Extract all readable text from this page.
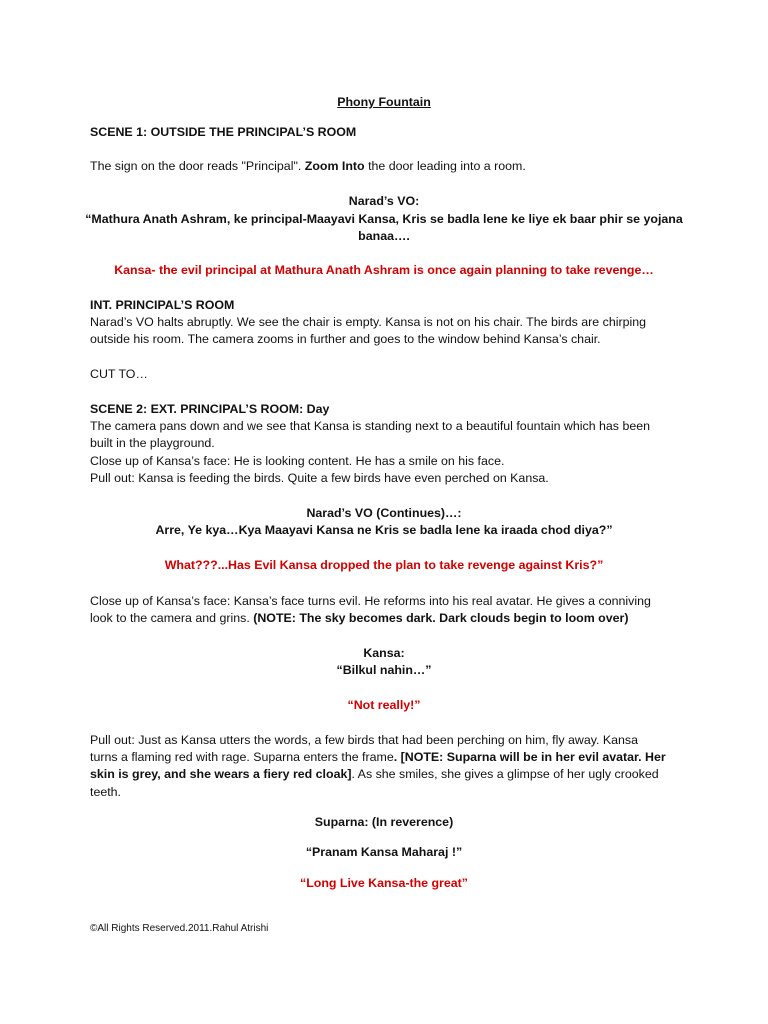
Phony Fountain
SCENE 1: OUTSIDE THE PRINCIPAL’S ROOM
The sign on the door reads "Principal". Zoom Into the door leading into a room.
Narad’s VO:
“Mathura Anath Ashram, ke principal-Maayavi Kansa, Kris se badla lene ke liye ek baar phir se yojana
banaa….
Kansa- the evil principal at Mathura Anath Ashram is once again planning to take revenge…
INT. PRINCIPAL’S ROOM
Narad’s VO halts abruptly. We see the chair is empty. Kansa is not on his chair. The birds are chirping
outside his room. The camera zooms in further and goes to the window behind Kansa’s chair.
CUT TO…
SCENE 2: EXT. PRINCIPAL’S ROOM: Day
The camera pans down and we see that Kansa is standing next to a beautiful fountain which has been
built in the playground.
Close up of Kansa’s face: He is looking content. He has a smile on his face.
Pull out: Kansa is feeding the birds. Quite a few birds have even perched on Kansa.
Narad’s VO (Continues)…:
Arre, Ye kya…Kya Maayavi Kansa ne Kris se badla lene ka iraada chod diya?”
What???...Has Evil Kansa dropped the plan to take revenge against Kris?”
Close up of Kansa’s face: Kansa’s face turns evil. He reforms into his real avatar. He gives a conniving
look to the camera and grins. (NOTE: The sky becomes dark. Dark clouds begin to loom over)
Kansa:
“Bilkul nahin…”
“Not really!”
Pull out: Just as Kansa utters the words, a few birds that had been perching on him, fly away. Kansa
turns a flaming red with rage. Suparna enters the frame. [NOTE: Suparna will be in her evil avatar. Her
skin is grey, and she wears a fiery red cloak]. As she smiles, she gives a glimpse of her ugly crooked
teeth.
Suparna: (In reverence)
“Pranam Kansa Maharaj !”
“Long Live Kansa-the great”
©All Rights Reserved.2011.Rahul Atrishi
